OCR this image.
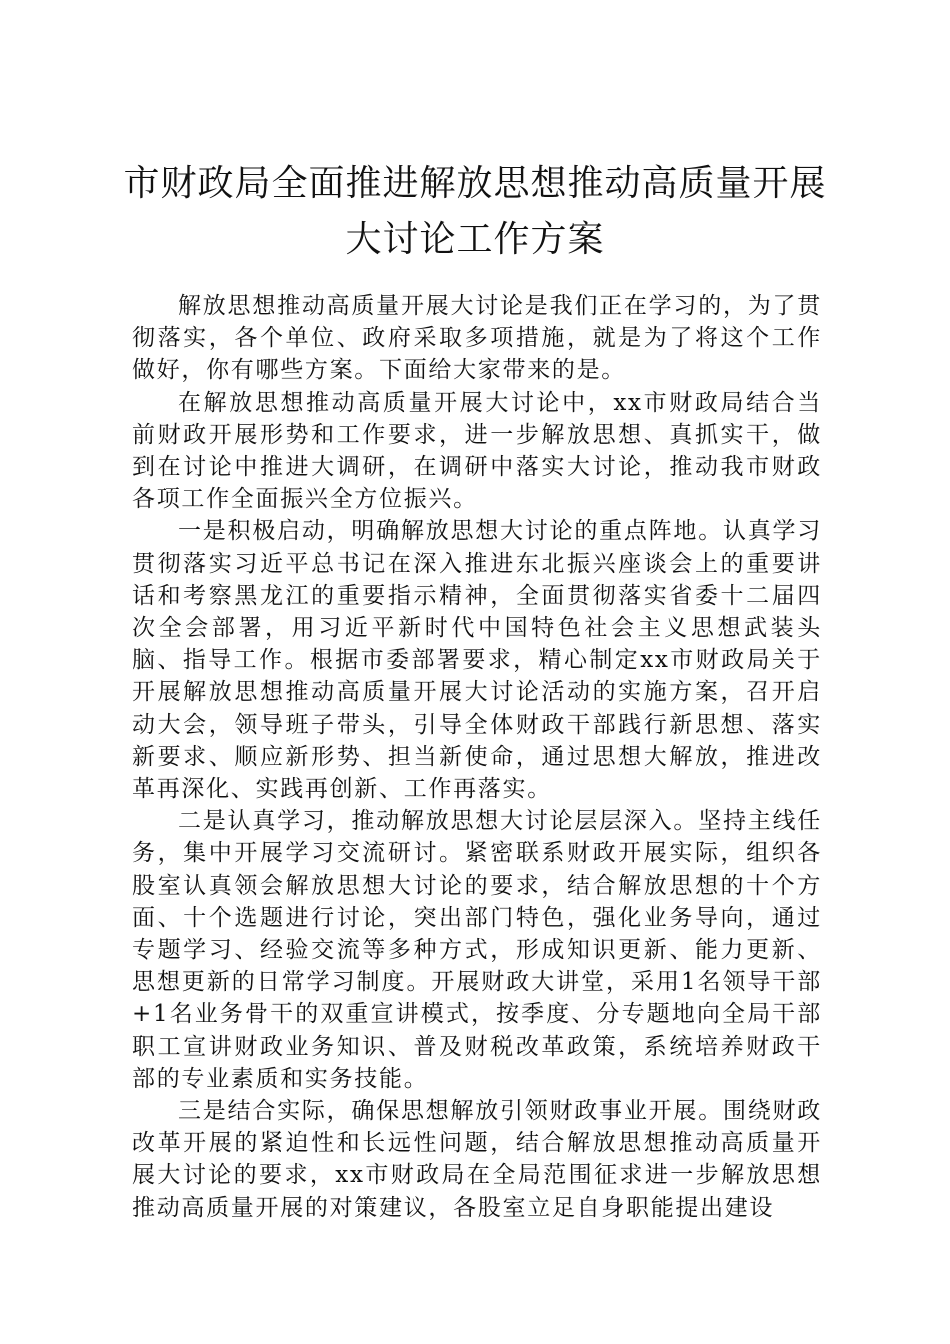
市财政局全面推进解放思想推动高质量开展
大讨论工作方案

解放思想推动高质量开展大讨论是我们正在学习的，为了贯彻落实，各个单位、政府采取多项措施，就是为了将这个工作做好，你有哪些方案。下面给大家带来的是。

在解放思想推动高质量开展大讨论中，xx市财政局结合当前财政开展形势和工作要求，进一步解放思想、真抓实干，做到在讨论中推进大调研，在调研中落实大讨论，推动我市财政各项工作全面振兴全方位振兴。

一是积极启动，明确解放思想大讨论的重点阵地。认真学习贯彻落实习近平总书记在深入推进东北振兴座谈会上的重要讲话和考察黑龙江的重要指示精神，全面贯彻落实省委十二届四次全会部署，用习近平新时代中国特色社会主义思想武装头脑、指导工作。根据市委部署要求，精心制定xx市财政局关于开展解放思想推动高质量开展大讨论活动的实施方案，召开启动大会，领导班子带头，引导全体财政干部践行新思想、落实新要求、顺应新形势、担当新使命，通过思想大解放，推进改革再深化、实践再创新、工作再落实。

二是认真学习，推动解放思想大讨论层层深入。坚持主线任务，集中开展学习交流研讨。紧密联系财政开展实际，组织各股室认真领会解放思想大讨论的要求，结合解放思想的十个方面、十个选题进行讨论，突出部门特色，强化业务导向，通过专题学习、经验交流等多种方式，形成知识更新、能力更新、思想更新的日常学习制度。开展财政大讲堂，采用1名领导干部+1名业务骨干的双重宣讲模式，按季度、分专题地向全局干部职工宣讲财政业务知识、普及财税改革政策，系统培养财政干部的专业素质和实务技能。

三是结合实际，确保思想解放引领财政事业开展。围绕财政改革开展的紧迫性和长远性问题，结合解放思想推动高质量开展大讨论的要求，xx市财政局在全局范围征求进一步解放思想推动高质量开展的对策建议，各股室立足自身职能提出建设
